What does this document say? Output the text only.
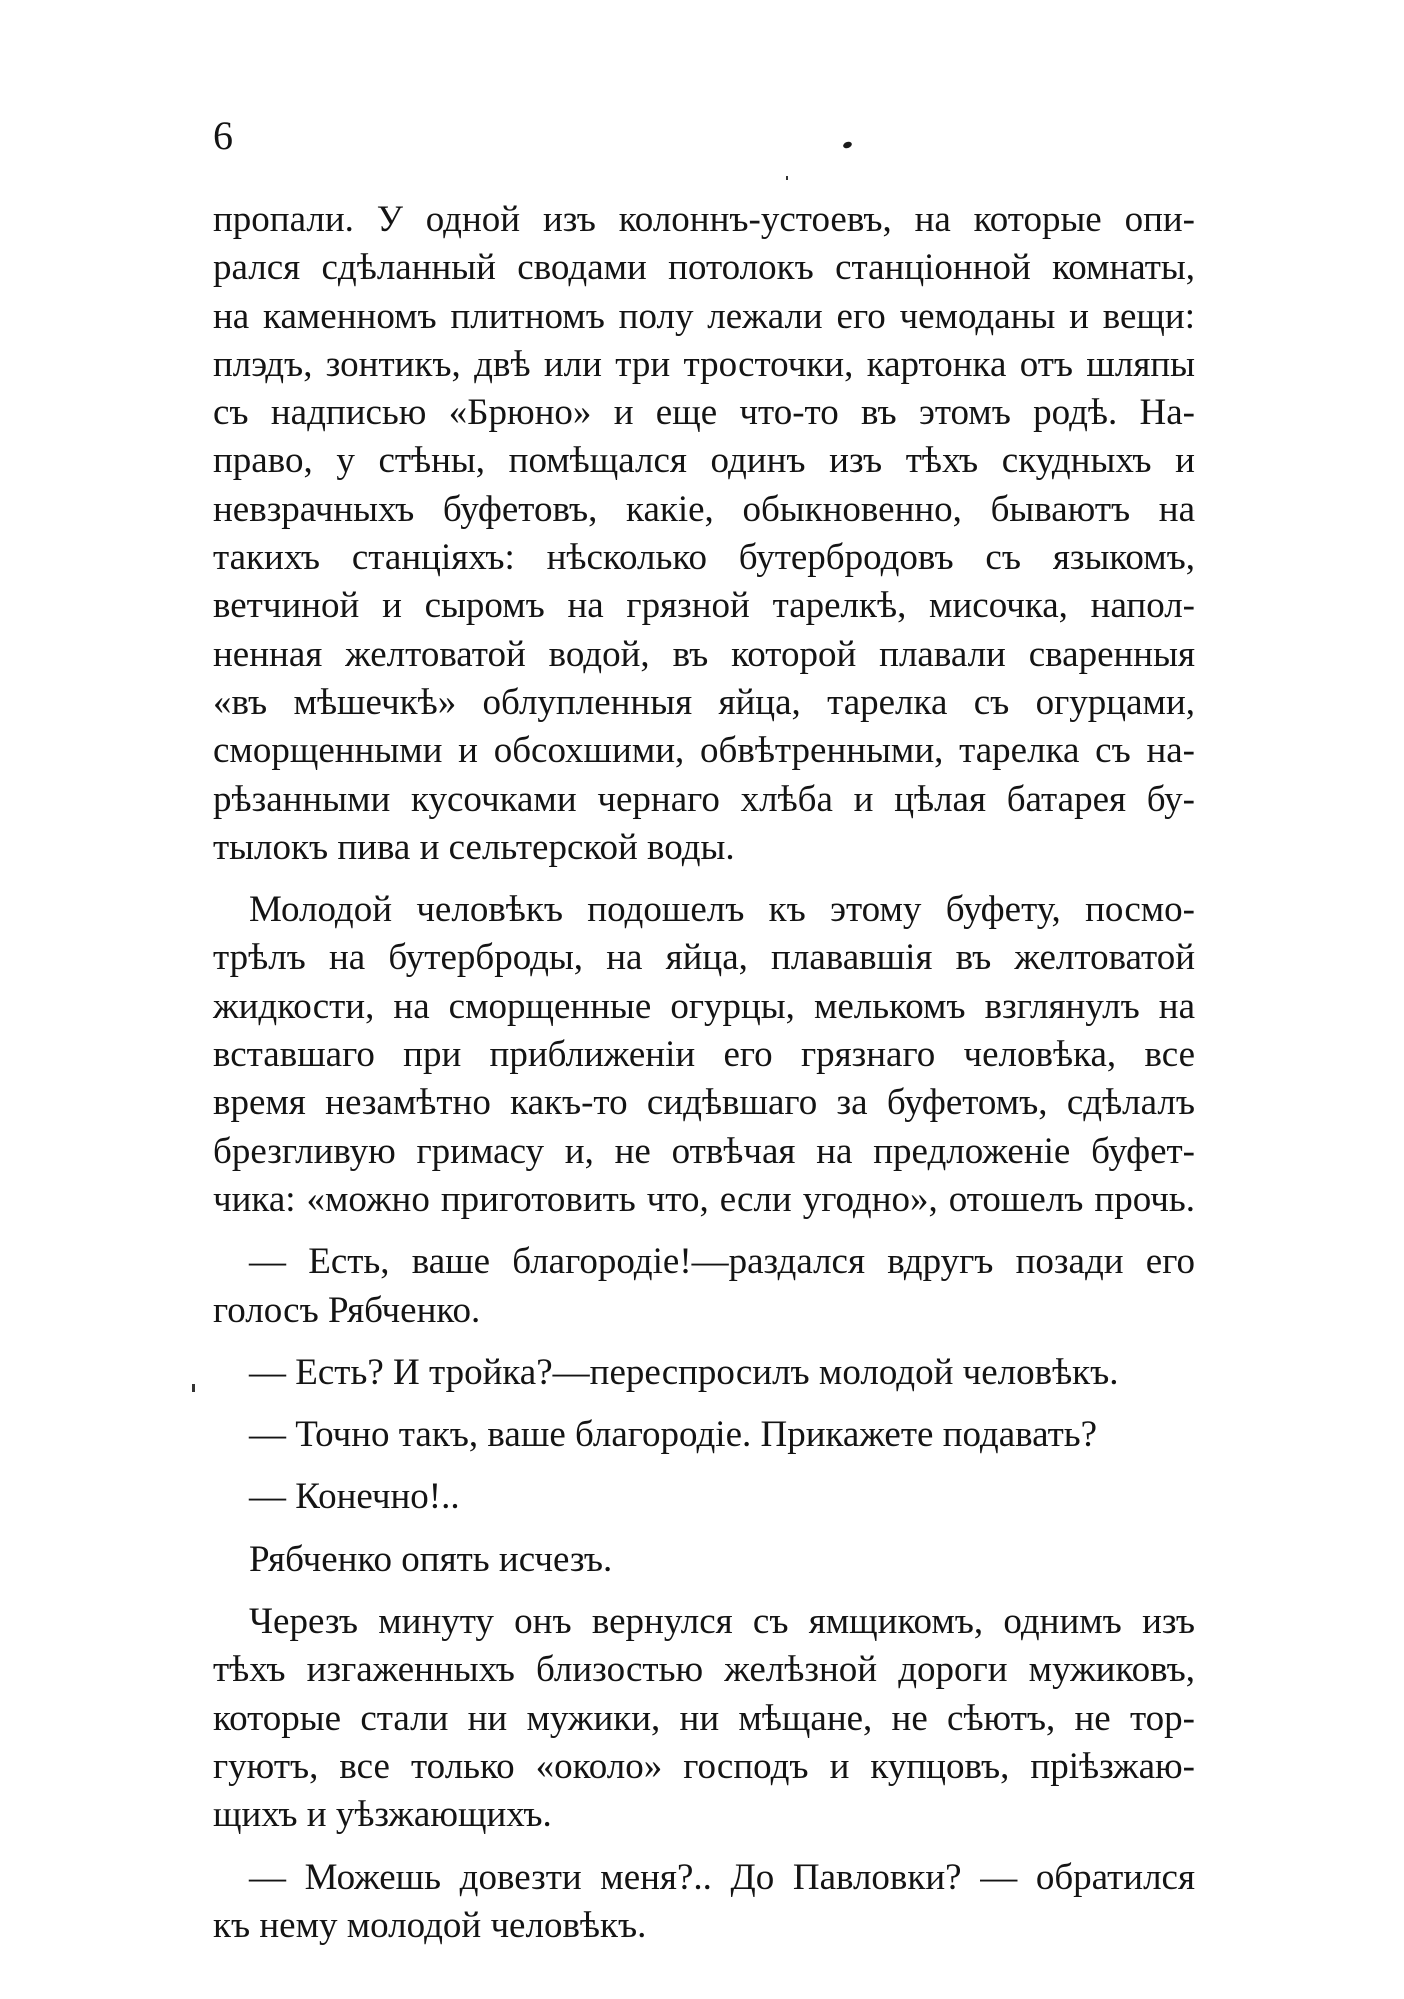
6
пропали. У одной изъ колоннъ-устоевъ, на которые опи-
рался сдѣланный сводами потолокъ станціонной комнаты,
на каменномъ плитномъ полу лежали его чемоданы и вещи:
плэдъ, зонтикъ, двѣ или три тросточки, картонка отъ шляпы
съ надписью «Брюно» и еще что-то въ этомъ родѣ. На-
право, у стѣны, помѣщался одинъ изъ тѣхъ скудныхъ и
невзрачныхъ буфетовъ, какіе, обыкновенно, бываютъ на
такихъ станціяхъ: нѣсколько бутербродовъ съ языкомъ,
ветчиной и сыромъ на грязной тарелкѣ, мисочка, напол-
ненная желтоватой водой, въ которой плавали сваренныя
«въ мѣшечкѣ» облупленныя яйца, тарелка съ огурцами,
сморщенными и обсохшими, обвѣтренными, тарелка съ на-
рѣзанными кусочками чернаго хлѣба и цѣлая батарея бу-
тылокъ пива и сельтерской воды.
Молодой человѣкъ подошелъ къ этому буфету, посмо-
трѣлъ на бутерброды, на яйца, плававшія въ желтоватой
жидкости, на сморщенные огурцы, мелькомъ взглянулъ на
вставшаго при приближеніи его грязнаго человѣка, все
время незамѣтно какъ-то сидѣвшаго за буфетомъ, сдѣлалъ
брезгливую гримасу и, не отвѣчая на предложеніе буфет-
чика: «можно приготовить что, если угодно», отошелъ прочь.
— Есть, ваше благородіе!—раздался вдругъ позади его
голосъ Рябченко.
— Есть? И тройка?—переспросилъ молодой человѣкъ.
— Точно такъ, ваше благородіе. Прикажете подавать?
— Конечно!..
Рябченко опять исчезъ.
Черезъ минуту онъ вернулся съ ямщикомъ, однимъ изъ
тѣхъ изгаженныхъ близостью желѣзной дороги мужиковъ,
которые стали ни мужики, ни мѣщане, не сѣютъ, не тор-
гуютъ, все только «около» господъ и купцовъ, пріѣзжаю-
щихъ и уѣзжающихъ.
— Можешь довезти меня?.. До Павловки? — обратился
къ нему молодой человѣкъ.
